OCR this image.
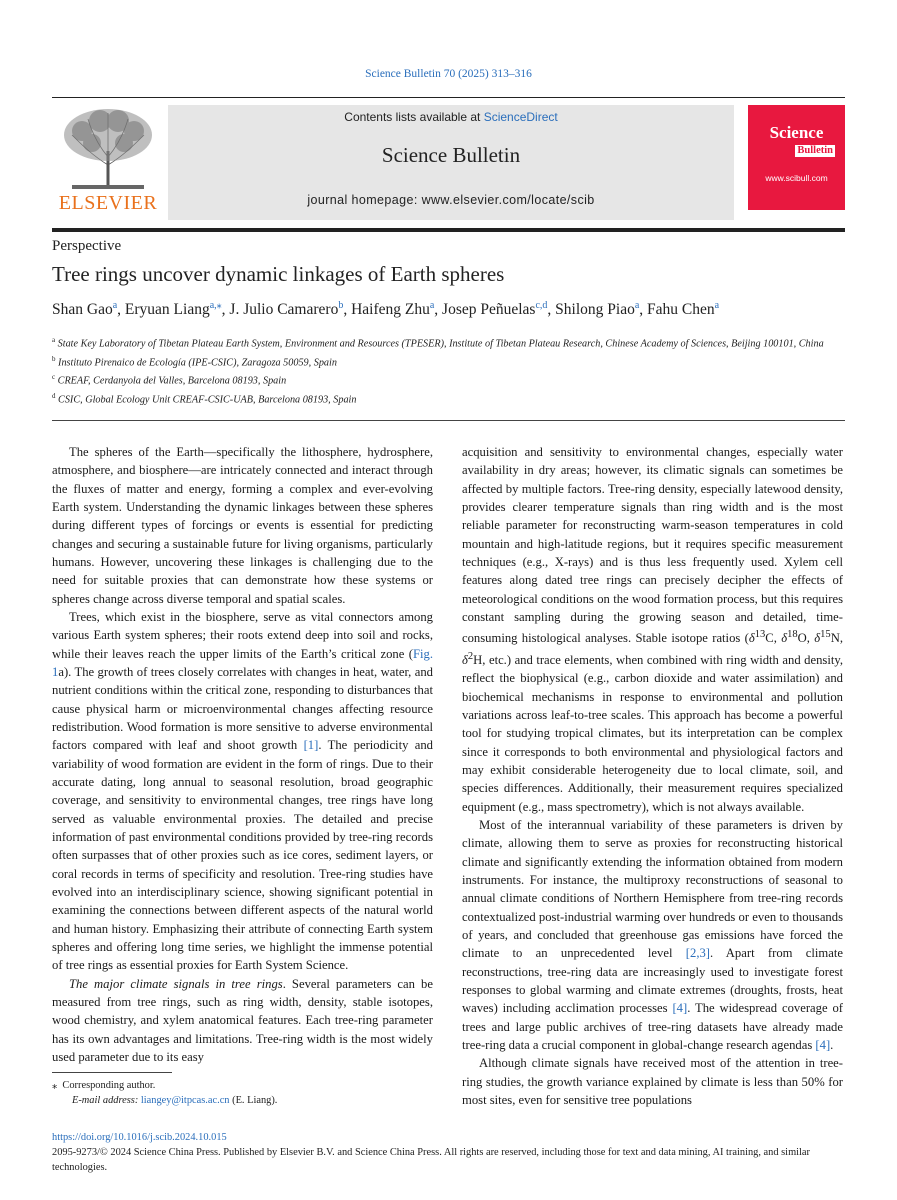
Science Bulletin 70 (2025) 313–316
ELSEVIER
Contents lists available at ScienceDirect
Science Bulletin
journal homepage: www.elsevier.com/locate/scib
Science
Bulletin
www.scibull.com
Perspective
Tree rings uncover dynamic linkages of Earth spheres
Shan Gao$^a$, Eryuan Liang$^{a,⁎}$, J. Julio Camarero$^b$, Haifeng Zhu$^a$, Josep Peñuelas$^{c,d}$, Shilong Piao$^a$, Fahu Chen$^a$

$^a$ State Key Laboratory of Tibetan Plateau Earth System, Environment and Resources (TPESER), Institute of Tibetan Plateau Research, Chinese Academy of Sciences, Beijing 100101, China

$^b$ Instituto Pirenaico de Ecología (IPE-CSIC), Zaragoza 50059, Spain

$^c$ CREAF, Cerdanyola del Valles, Barcelona 08193, Spain

$^d$ CSIC, Global Ecology Unit CREAF-CSIC-UAB, Barcelona 08193, Spain

The spheres of the Earth—specifically the lithosphere, hydrosphere, atmosphere, and biosphere—are intricately connected and interact through the fluxes of matter and energy, forming a complex and ever-evolving Earth system. Understanding the dynamic linkages between these spheres during different types of forcings or events is essential for predicting changes and securing a sustainable future for living organisms, particularly humans. However, uncovering these linkages is challenging due to the need for suitable proxies that can demonstrate how these systems or spheres change across diverse temporal and spatial scales.

Trees, which exist in the biosphere, serve as vital connectors among various Earth system spheres; their roots extend deep into soil and rocks, while their leaves reach the upper limits of the Earth’s critical zone (Fig. 1a). The growth of trees closely correlates with changes in heat, water, and nutrient conditions within the critical zone, responding to disturbances that cause physical harm or microenvironmental changes affecting resource redistribution. Wood formation is more sensitive to adverse environmental factors compared with leaf and shoot growth [1]. The periodicity and variability of wood formation are evident in the form of rings. Due to their accurate dating, long annual to seasonal resolution, broad geographic coverage, and sensitivity to environmental changes, tree rings have long served as valuable environmental proxies. The detailed and precise information of past environmental conditions provided by tree-ring records often surpasses that of other proxies such as ice cores, sediment layers, or coral records in terms of specificity and resolution. Tree-ring studies have evolved into an interdisciplinary science, showing significant potential in examining the connections between different aspects of the natural world and human history. Emphasizing their attribute of connecting Earth system spheres and offering long time series, we highlight the immense potential of tree rings as essential proxies for Earth System Science.

The major climate signals in tree rings. Several parameters can be measured from tree rings, such as ring width, density, stable isotopes, wood chemistry, and xylem anatomical features. Each tree-ring parameter has its own advantages and limitations. Tree-ring width is the most widely used parameter due to its easy

acquisition and sensitivity to environmental changes, especially water availability in dry areas; however, its climatic signals can sometimes be affected by multiple factors. Tree-ring density, especially latewood density, provides clearer temperature signals than ring width and is the most reliable parameter for reconstructing warm-season temperatures in cold mountain and high-latitude regions, but it requires specific measurement techniques (e.g., X-rays) and is thus less frequently used. Xylem cell features along dated tree rings can precisely decipher the effects of meteorological conditions on the wood formation process, but this requires constant sampling during the growing season and detailed, time-consuming histological analyses. Stable isotope ratios ($\delta^{13}C$, $\delta^{18}O$, $\delta^{15}N$, $\delta^2H$, etc.) and trace elements, when combined with ring width and density, reflect the biophysical (e.g., carbon dioxide and water assimilation) and biochemical mechanisms in response to environmental and pollution variations across leaf-to-tree scales. This approach has become a powerful tool for studying tropical climates, but its interpretation can be complex since it corresponds to both environmental and physiological factors and may exhibit considerable heterogeneity due to local climate, soil, and species differences. Additionally, their measurement requires specialized equipment (e.g., mass spectrometry), which is not always available.

Most of the interannual variability of these parameters is driven by climate, allowing them to serve as proxies for reconstructing historical climate and significantly extending the information obtained from modern instruments. For instance, the multiproxy reconstructions of seasonal to annual climate conditions of Northern Hemisphere from tree-ring records contextualized post-industrial warming over hundreds or even to thousands of years, and concluded that greenhouse gas emissions have forced the climate to an unprecedented level [2,3]. Apart from climate reconstructions, tree-ring data are increasingly used to investigate forest responses to global warming and climate extremes (droughts, frosts, heat waves) including acclimation processes [4]. The widespread coverage of trees and large public archives of tree-ring datasets have already made tree-ring data a crucial component in global-change research agendas [4].

Although climate signals have received most of the attention in tree-ring studies, the growth variance explained by climate is less than 50% for most sites, even for sensitive tree populations

⁎ Corresponding author.

E-mail address: liangey@itpcas.ac.cn (E. Liang).

https://doi.org/10.1016/j.scib.2024.10.015
2095-9273/© 2024 Science China Press. Published by Elsevier B.V. and Science China Press. All rights are reserved, including those for text and data mining, AI training, and similar technologies.
